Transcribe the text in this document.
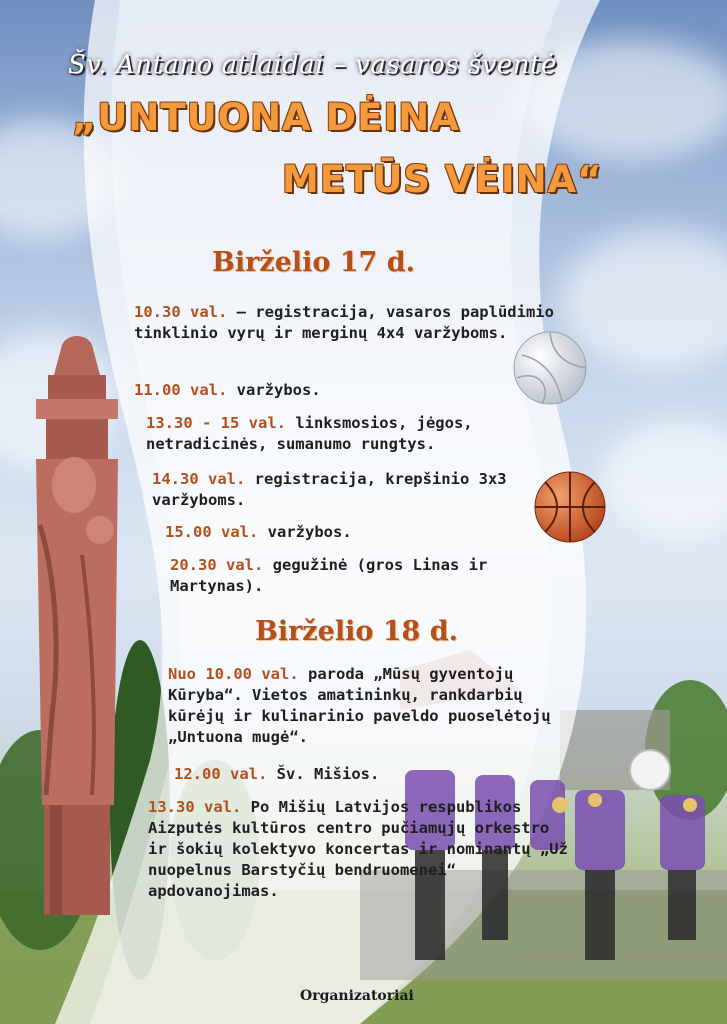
Šv. Antano atlaidai – vasaros šventė
„UNTUONA DĖINA
METŪS VĖINA“
Birželio 17 d.
10.30 val. – registracija, vasaros paplūdimio tinklinio vyrų ir merginų 4x4 varžyboms.
11.00 val. varžybos.
13.30 - 15 val. linksmosios, jėgos, netradicinės, sumanumo rungtys.
14.30 val. registracija, krepšinio 3x3 varžyboms.
15.00 val. varžybos.
20.30 val. gegužinė (gros Linas ir Martynas).
Birželio 18 d.
Nuo 10.00 val. paroda „Mūsų gyventojų Kūryba“. Vietos amatininkų, rankdarbių kūrėjų ir kulinarinio paveldo puoselėtojų „Untuona mugė“.
12.00 val. Šv. Mišios.
13.30 val. Po Mišių Latvijos respublikos Aizputės kultūros centro pučiamųjų orkestro ir šokių kolektyvo koncertas ir nominantų „Už nuopelnus Barstyčių bendruomenei“ apdovanojimas.
Organizatoriai
